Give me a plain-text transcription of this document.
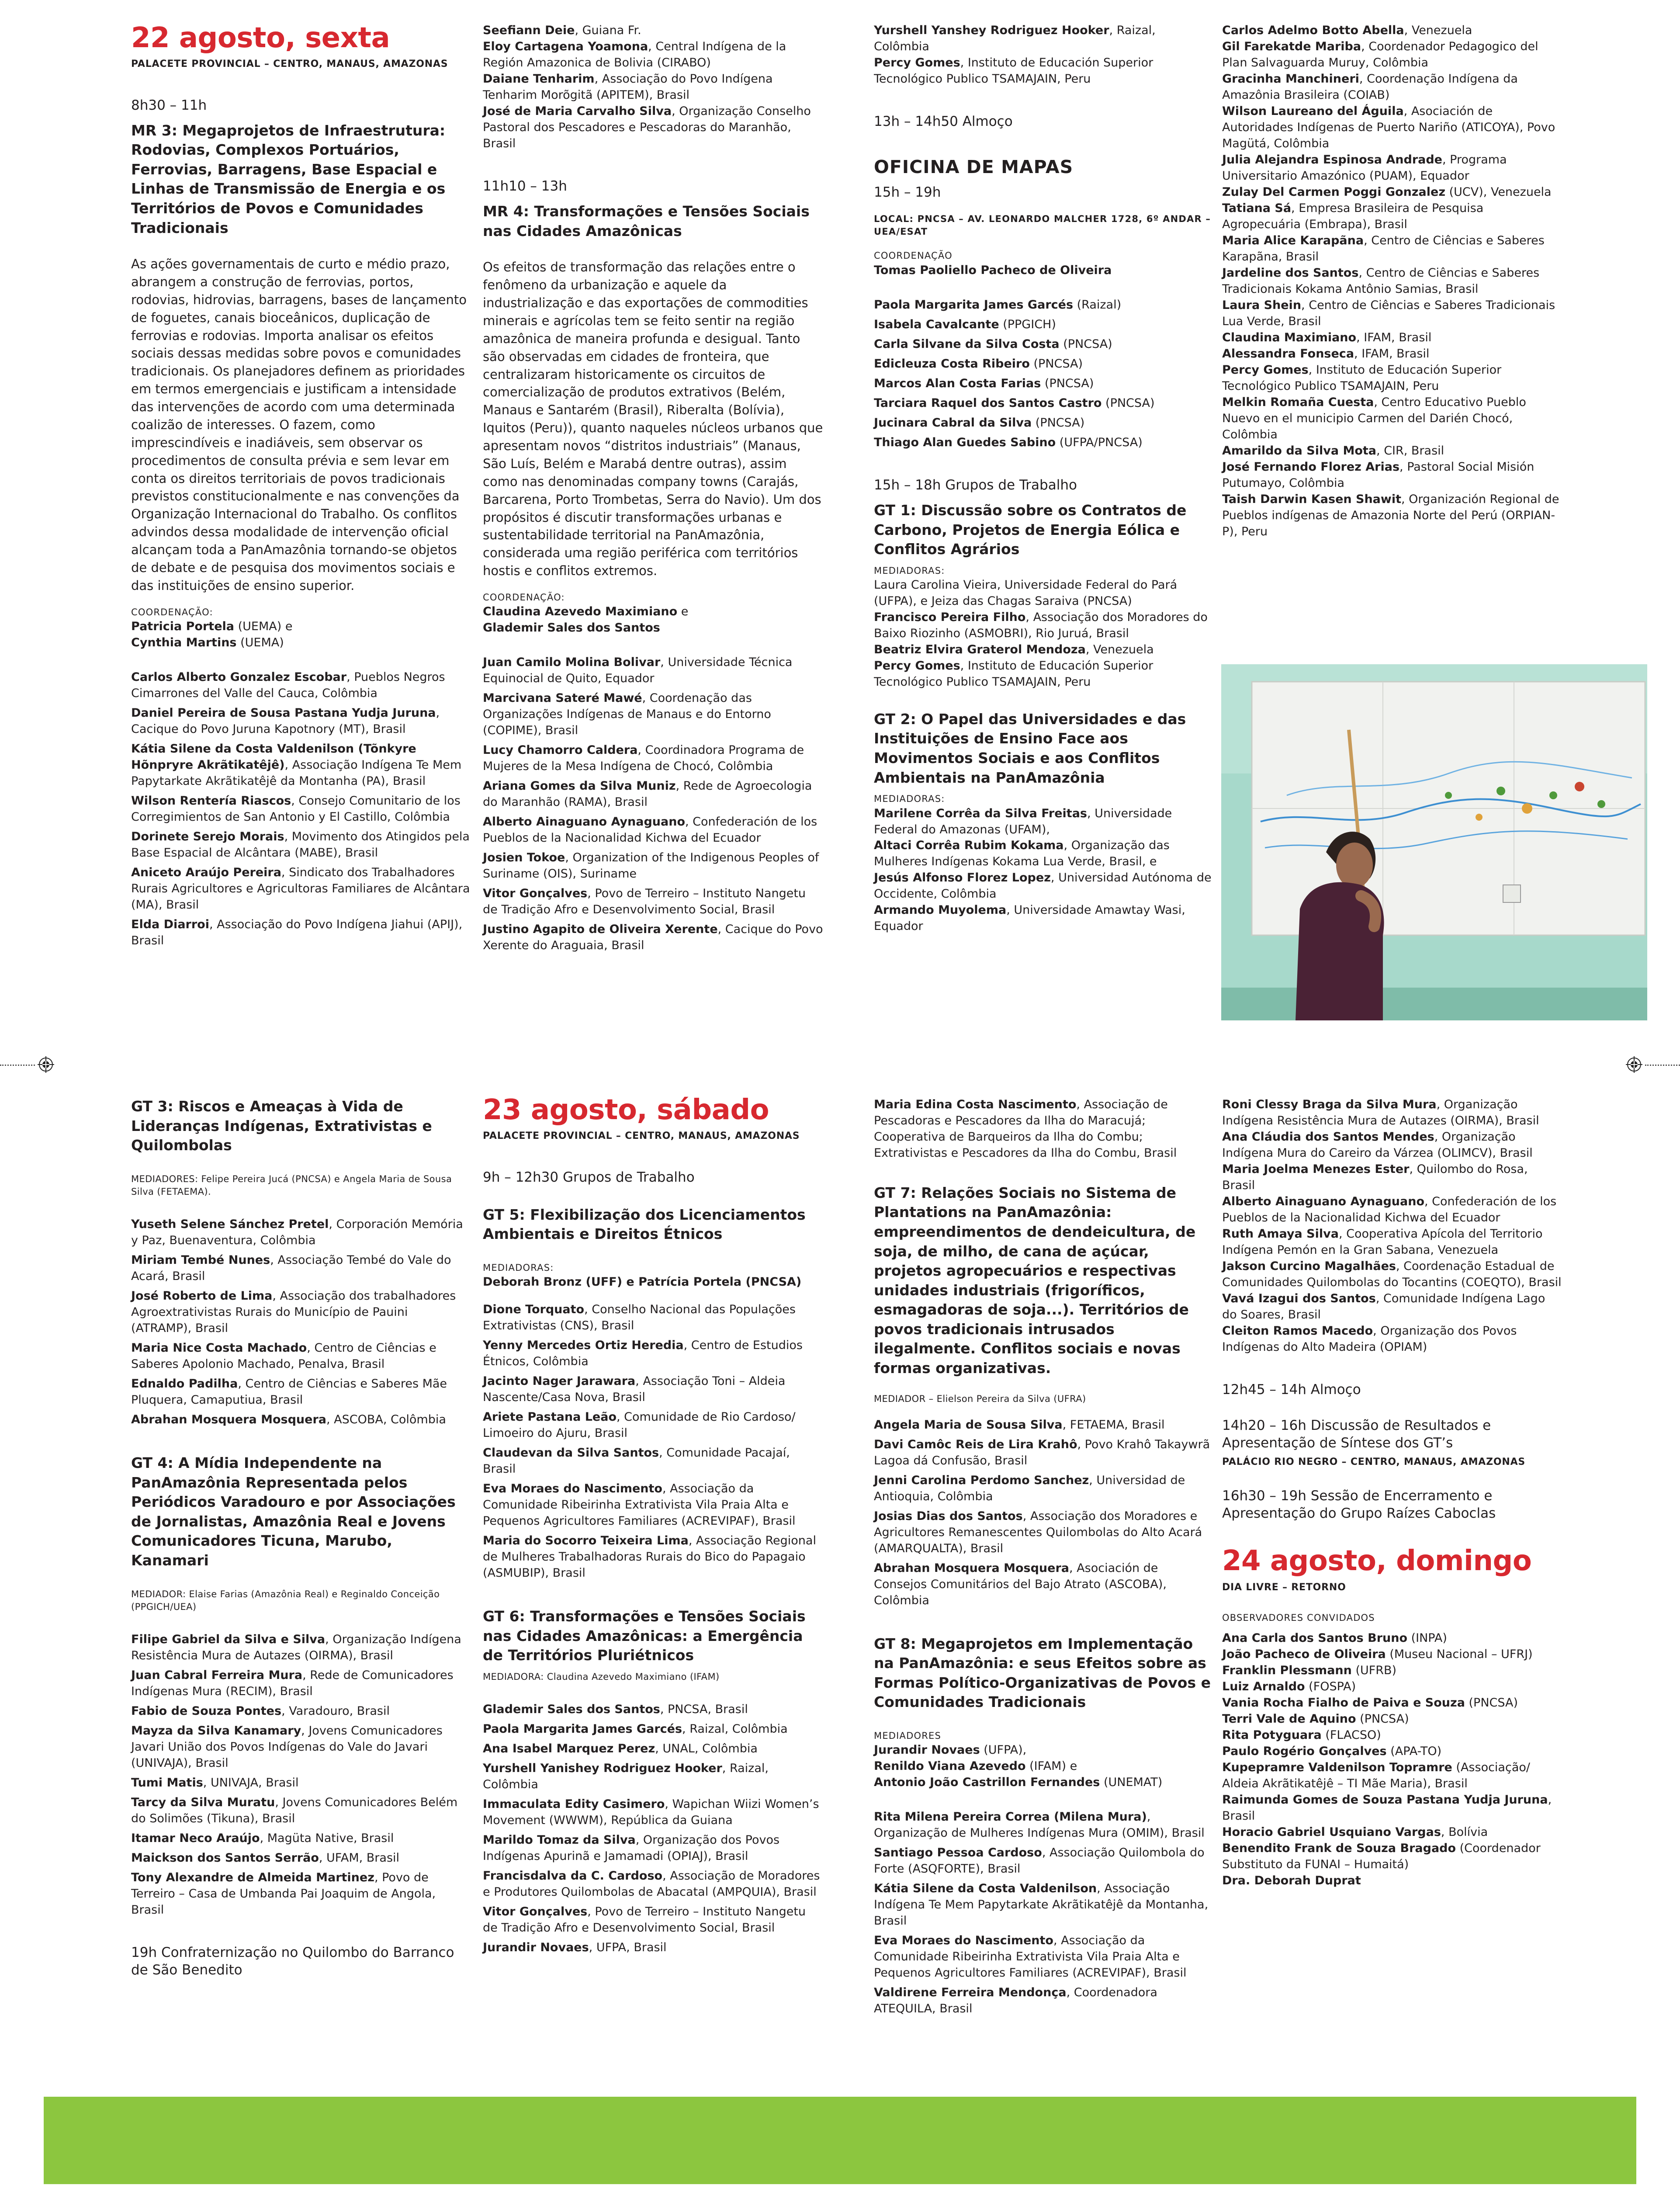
22 agosto, sexta
PALACETE PROVINCIAL – CENTRO, MANAUS, AMAZONAS
8h30 – 11h
MR 3: Megaprojetos de Infraestrutura: Rodovias, Complexos Portuários, Ferrovias, Barragens, Base Espacial e Linhas de Transmissão de Energia e os Territórios de Povos e Comunidades Tradicionais
As ações governamentais de curto e médio prazo, abrangem a construção de ferrovias, portos, rodovias, hidrovias, barragens, bases de lançamento de foguetes, canais bioceânicos, duplicação de ferrovias e rodovias. Importa analisar os efeitos sociais dessas medidas sobre povos e comunidades tradicionais. Os planejadores definem as prioridades em termos emergenciais e justificam a intensidade das intervenções de acordo com uma determinada coalizão de interesses. O fazem, como imprescindíveis e inadiáveis, sem observar os procedimentos de consulta prévia e sem levar em conta os direitos territoriais de povos tradicionais previstos constitucionalmente e nas convenções da Organização Internacional do Trabalho. Os conflitos advindos dessa modalidade de intervenção oficial alcançam toda a PanAmazônia tornando-se objetos de debate e de pesquisa dos movimentos sociais e das instituições de ensino superior.
COORDENAÇÃO:

Patricia Portela (UEMA) e

Cynthia Martins (UEMA)

Carlos Alberto Gonzalez Escobar, Pueblos Negros Cimarrones del Valle del Cauca, Colômbia

Daniel Pereira de Sousa Pastana Yudja Juruna, Cacique do Povo Juruna Kapotnory (MT), Brasil

Kátia Silene da Costa Valdenilson (Tõnkyre Hõnpryre Akrãtikatêjê), Associação Indígena Te Mem Papytarkate Akrãtikatêjê da Montanha (PA), Brasil

Wilson Rentería Riascos, Consejo Comunitario de los Corregimientos de San Antonio y El Castillo, Colômbia

Dorinete Serejo Morais, Movimento dos Atingidos pela Base Espacial de Alcântara (MABE), Brasil

Aniceto Araújo Pereira, Sindicato dos Trabalhadores Rurais Agricultores e Agricultoras Familiares de Alcântara (MA), Brasil

Elda Diarroi, Associação do Povo Indígena Jiahui (APIJ), Brasil

Seefiann Deie, Guiana Fr.

Eloy Cartagena Yoamona, Central Indígena de la Región Amazonica de Bolivia (CIRABO)

Daiane Tenharim, Associação do Povo Indígena Tenharim Morõgitã (APITEM), Brasil

José de Maria Carvalho Silva, Organização Conselho Pastoral dos Pescadores e Pescadoras do Maranhão, Brasil

11h10 – 13h
MR 4: Transformações e Tensões Sociais nas Cidades Amazônicas
Os efeitos de transformação das relações entre o fenômeno da urbanização e aquele da industrialização e das exportações de commodities minerais e agrícolas tem se feito sentir na região amazônica de maneira profunda e desigual. Tanto são observadas em cidades de fronteira, que centralizaram historicamente os circuitos de comercialização de produtos extrativos (Belém, Manaus e Santarém (Brasil), Riberalta (Bolívia), Iquitos (Peru)), quanto naqueles núcleos urbanos que apresentam novos “distritos industriais” (Manaus, São Luís, Belém e Marabá dentre outras), assim como nas denominadas company towns (Carajás, Barcarena, Porto Trombetas, Serra do Navio). Um dos propósitos é discutir transformações urbanas e sustentabilidade territorial na PanAmazônia, considerada uma região periférica com territórios hostis e conflitos extremos.
COORDENAÇÃO:

Claudina Azevedo Maximiano e

Glademir Sales dos Santos

Juan Camilo Molina Bolivar, Universidade Técnica Equinocial de Quito, Equador

Marcivana Sateré Mawé, Coordenação das Organizações Indígenas de Manaus e do Entorno (COPIME), Brasil

Lucy Chamorro Caldera, Coordinadora Programa de Mujeres de la Mesa Indígena de Chocó, Colômbia

Ariana Gomes da Silva Muniz, Rede de Agroecologia do Maranhão (RAMA), Brasil

Alberto Ainaguano Aynaguano, Confederación de los Pueblos de la Nacionalidad Kichwa del Ecuador

Josien Tokoe, Organization of the Indigenous Peoples of Suriname (OIS), Suriname

Vitor Gonçalves, Povo de Terreiro – Instituto Nangetu de Tradição Afro e Desenvolvimento Social, Brasil

Justino Agapito de Oliveira Xerente, Cacique do Povo Xerente do Araguaia, Brasil

Yurshell Yanshey Rodriguez Hooker, Raizal, Colômbia

Percy Gomes, Instituto de Educación Superior Tecnológico Publico TSAMAJAIN, Peru

13h – 14h50 Almoço
OFICINA DE MAPAS
15h – 19h
LOCAL: PNCSA – AV. LEONARDO MALCHER 1728, 6º ANDAR – UEA/ESAT
COORDENAÇÃO

Tomas Paoliello Pacheco de Oliveira

Paola Margarita James Garcés (Raizal)

Isabela Cavalcante (PPGICH)

Carla Silvane da Silva Costa (PNCSA)

Edicleuza Costa Ribeiro (PNCSA)

Marcos Alan Costa Farias (PNCSA)

Tarciara Raquel dos Santos Castro (PNCSA)

Jucinara Cabral da Silva (PNCSA)

Thiago Alan Guedes Sabino (UFPA/PNCSA)

15h – 18h Grupos de Trabalho
GT 1: Discussão sobre os Contratos de Carbono, Projetos de Energia Eólica e Conflitos Agrários
MEDIADORAS:

Laura Carolina Vieira, Universidade Federal do Pará (UFPA), e Jeiza das Chagas Saraiva (PNCSA)

Francisco Pereira Filho, Associação dos Moradores do Baixo Riozinho (ASMOBRI), Rio Juruá, Brasil

Beatriz Elvira Graterol Mendoza, Venezuela

Percy Gomes, Instituto de Educación Superior Tecnológico Publico TSAMAJAIN, Peru

GT 2: O Papel das Universidades e das Instituições de Ensino Face aos Movimentos Sociais e aos Conflitos Ambientais na PanAmazônia
MEDIADORAS:

Marilene Corrêa da Silva Freitas, Universidade Federal do Amazonas (UFAM),

Altaci Corrêa Rubim Kokama, Organização das Mulheres Indígenas Kokama Lua Verde, Brasil, e

Jesús Alfonso Florez Lopez, Universidad Autónoma de Occidente, Colômbia

Armando Muyolema, Universidade Amawtay Wasi, Equador

Carlos Adelmo Botto Abella, Venezuela

Gil Farekatde Mariba, Coordenador Pedagogico del Plan Salvaguarda Muruy, Colômbia

Gracinha Manchineri, Coordenação Indígena da Amazônia Brasileira (COIAB)

Wilson Laureano del Águila, Asociación de Autoridades Indígenas de Puerto Nariño (ATICOYA), Povo Magütá, Colômbia

Julia Alejandra Espinosa Andrade, Programa Universitario Amazónico (PUAM), Equador

Zulay Del Carmen Poggi Gonzalez (UCV), Venezuela

Tatiana Sá, Empresa Brasileira de Pesquisa Agropecuária (Embrapa), Brasil

Maria Alice Karapãna, Centro de Ciências e Saberes Karapãna, Brasil

Jardeline dos Santos, Centro de Ciências e Saberes Tradicionais Kokama Antônio Samias, Brasil

Laura Shein, Centro de Ciências e Saberes Tradicionais Lua Verde, Brasil

Claudina Maximiano, IFAM, Brasil

Alessandra Fonseca, IFAM, Brasil

Percy Gomes, Instituto de Educación Superior Tecnológico Publico TSAMAJAIN, Peru

Melkin Romaña Cuesta, Centro Educativo Pueblo Nuevo en el municipio Carmen del Darién Chocó, Colômbia

Amarildo da Silva Mota, CIR, Brasil

José Fernando Florez Arias, Pastoral Social Misión Putumayo, Colômbia

Taish Darwin Kasen Shawit, Organización Regional de Pueblos indígenas de Amazonia Norte del Perú (ORPIAN-P), Peru

GT 3: Riscos e Ameaças à Vida de Lideranças Indígenas, Extrativistas e Quilombolas
MEDIADORES: Felipe Pereira Jucá (PNCSA) e Angela Maria de Sousa Silva (FETAEMA).

Yuseth Selene Sánchez Pretel, Corporación Memória y Paz, Buenaventura, Colômbia

Miriam Tembé Nunes, Associação Tembé do Vale do Acará, Brasil

José Roberto de Lima, Associação dos trabalhadores Agroextrativistas Rurais do Município de Pauini (ATRAMP), Brasil

Maria Nice Costa Machado, Centro de Ciências e Saberes Apolonio Machado, Penalva, Brasil

Ednaldo Padilha, Centro de Ciências e Saberes Mãe Pluquera, Camaputiua, Brasil

Abrahan Mosquera Mosquera, ASCOBA, Colômbia

GT 4: A Mídia Independente na PanAmazônia Representada pelos Periódicos Varadouro e por Associações de Jornalistas, Amazônia Real e Jovens Comunicadores Ticuna, Marubo, Kanamari
MEDIADOR: Elaise Farias (Amazônia Real) e Reginaldo Conceição (PPGICH/UEA)

Filipe Gabriel da Silva e Silva, Organização Indígena Resistência Mura de Autazes (OIRMA), Brasil

Juan Cabral Ferreira Mura, Rede de Comunicadores Indígenas Mura (RECIM), Brasil

Fabio de Souza Pontes, Varadouro, Brasil

Mayza da Silva Kanamary, Jovens Comunicadores Javari União dos Povos Indígenas do Vale do Javari (UNIVAJA), Brasil

Tumi Matis, UNIVAJA, Brasil

Tarcy da Silva Muratu, Jovens Comunicadores Belém do Solimões (Tikuna), Brasil

Itamar Neco Araújo, Magüta Native, Brasil

Maickson dos Santos Serrão, UFAM, Brasil

Tony Alexandre de Almeida Martinez, Povo de Terreiro – Casa de Umbanda Pai Joaquim de Angola, Brasil

19h Confraternização no Quilombo do Barranco de São Benedito
23 agosto, sábado
PALACETE PROVINCIAL – CENTRO, MANAUS, AMAZONAS
9h – 12h30 Grupos de Trabalho
GT 5: Flexibilização dos Licenciamentos Ambientais e Direitos Étnicos
MEDIADORAS:

Deborah Bronz (UFF) e Patrícia Portela (PNCSA)

Dione Torquato, Conselho Nacional das Populações Extrativistas (CNS), Brasil

Yenny Mercedes Ortiz Heredia, Centro de Estudios Étnicos, Colômbia

Jacinto Nager Jarawara, Associação Toni – Aldeia Nascente/Casa Nova, Brasil

Ariete Pastana Leão, Comunidade de Rio Cardoso/ Limoeiro do Ajuru, Brasil

Claudevan da Silva Santos, Comunidade Pacajaí, Brasil

Eva Moraes do Nascimento, Associação da Comunidade Ribeirinha Extrativista Vila Praia Alta e Pequenos Agricultores Familiares (ACREVIPAF), Brasil

Maria do Socorro Teixeira Lima, Associação Regional de Mulheres Trabalhadoras Rurais do Bico do Papagaio (ASMUBIP), Brasil

GT 6: Transformações e Tensões Sociais nas Cidades Amazônicas: a Emergência de Territórios Pluriétnicos
MEDIADORA: Claudina Azevedo Maximiano (IFAM)

Glademir Sales dos Santos, PNCSA, Brasil

Paola Margarita James Garcés, Raizal, Colômbia

Ana Isabel Marquez Perez, UNAL, Colômbia

Yurshell Yanishey Rodriguez Hooker, Raizal, Colômbia

Immaculata Edity Casimero, Wapichan Wiizi Women’s Movement (WWWM), República da Guiana

Marildo Tomaz da Silva, Organização dos Povos Indígenas Apurinã e Jamamadi (OPIAJ), Brasil

Francisdalva da C. Cardoso, Associação de Moradores e Produtores Quilombolas de Abacatal (AMPQUIA), Brasil

Vitor Gonçalves, Povo de Terreiro – Instituto Nangetu de Tradição Afro e Desenvolvimento Social, Brasil

Jurandir Novaes, UFPA, Brasil

Maria Edina Costa Nascimento, Associação de Pescadoras e Pescadores da Ilha do Maracujá; Cooperativa de Barqueiros da Ilha do Combu; Extrativistas e Pescadores da Ilha do Combu, Brasil

GT 7: Relações Sociais no Sistema de Plantations na PanAmazônia: empreendimentos de dendeicultura, de soja, de milho, de cana de açúcar, projetos agropecuários e respectivas unidades industriais (frigoríficos, esmagadoras de soja...). Territórios de povos tradicionais intrusados ilegalmente. Conflitos sociais e novas formas organizativas.
MEDIADOR – Elielson Pereira da Silva (UFRA)

Angela Maria de Sousa Silva, FETAEMA, Brasil

Davi Camôc Reis de Lira Krahô, Povo Krahô Takaywrã Lagoa dá Confusão, Brasil

Jenni Carolina Perdomo Sanchez, Universidad de Antioquia, Colômbia

Josias Dias dos Santos, Associação dos Moradores e Agricultores Remanescentes Quilombolas do Alto Acará (AMARQUALTA), Brasil

Abrahan Mosquera Mosquera, Asociación de Consejos Comunitários del Bajo Atrato (ASCOBA), Colômbia

GT 8: Megaprojetos em Implementação na PanAmazônia: e seus Efeitos sobre as Formas Político-Organizativas de Povos e Comunidades Tradicionais
MEDIADORES

Jurandir Novaes (UFPA),

Renildo Viana Azevedo (IFAM) e

Antonio João Castrillon Fernandes (UNEMAT)

Rita Milena Pereira Correa (Milena Mura), Organização de Mulheres Indígenas Mura (OMIM), Brasil

Santiago Pessoa Cardoso, Associação Quilombola do Forte (ASQFORTE), Brasil

Kátia Silene da Costa Valdenilson, Associação Indígena Te Mem Papytarkate Akrãtikatêjê da Montanha, Brasil

Eva Moraes do Nascimento, Associação da Comunidade Ribeirinha Extrativista Vila Praia Alta e Pequenos Agricultores Familiares (ACREVIPAF), Brasil

Valdirene Ferreira Mendonça, Coordenadora ATEQUILA, Brasil

Roni Clessy Braga da Silva Mura, Organização Indígena Resistência Mura de Autazes (OIRMA), Brasil

Ana Cláudia dos Santos Mendes, Organização Indígena Mura do Careiro da Várzea (OLIMCV), Brasil

Maria Joelma Menezes Ester, Quilombo do Rosa, Brasil

Alberto Ainaguano Aynaguano, Confederación de los Pueblos de la Nacionalidad Kichwa del Ecuador

Ruth Amaya Silva, Cooperativa Apícola del Territorio Indígena Pemón en la Gran Sabana, Venezuela

Jakson Curcino Magalhães, Coordenação Estadual de Comunidades Quilombolas do Tocantins (COEQTO), Brasil

Vavá Izagui dos Santos, Comunidade Indígena Lago do Soares, Brasil

Cleiton Ramos Macedo, Organização dos Povos Indígenas do Alto Madeira (OPIAM)

12h45 – 14h Almoço
14h20 – 16h Discussão de Resultados e Apresentação de Síntese dos GT’s
PALÁCIO RIO NEGRO – CENTRO, MANAUS, AMAZONAS
16h30 – 19h Sessão de Encerramento e Apresentação do Grupo Raízes Caboclas
24 agosto, domingo
DIA LIVRE – RETORNO
OBSERVADORES CONVIDADOS

Ana Carla dos Santos Bruno (INPA)

João Pacheco de Oliveira (Museu Nacional – UFRJ)

Franklin Plessmann (UFRB)

Luiz Arnaldo (FOSPA)

Vania Rocha Fialho de Paiva e Souza (PNCSA)

Terri Vale de Aquino (PNCSA)

Rita Potyguara (FLACSO)

Paulo Rogério Gonçalves (APA-TO)

Kupepramre Valdenilson Topramre (Associação/ Aldeia Akrãtikatêjê – TI Mãe Maria), Brasil

Raimunda Gomes de Souza Pastana Yudja Juruna, Brasil

Horacio Gabriel Usquiano Vargas, Bolívia

Benendito Frank de Souza Bragado (Coordenador Substituto da FUNAI – Humaitá)

Dra. Deborah Duprat
